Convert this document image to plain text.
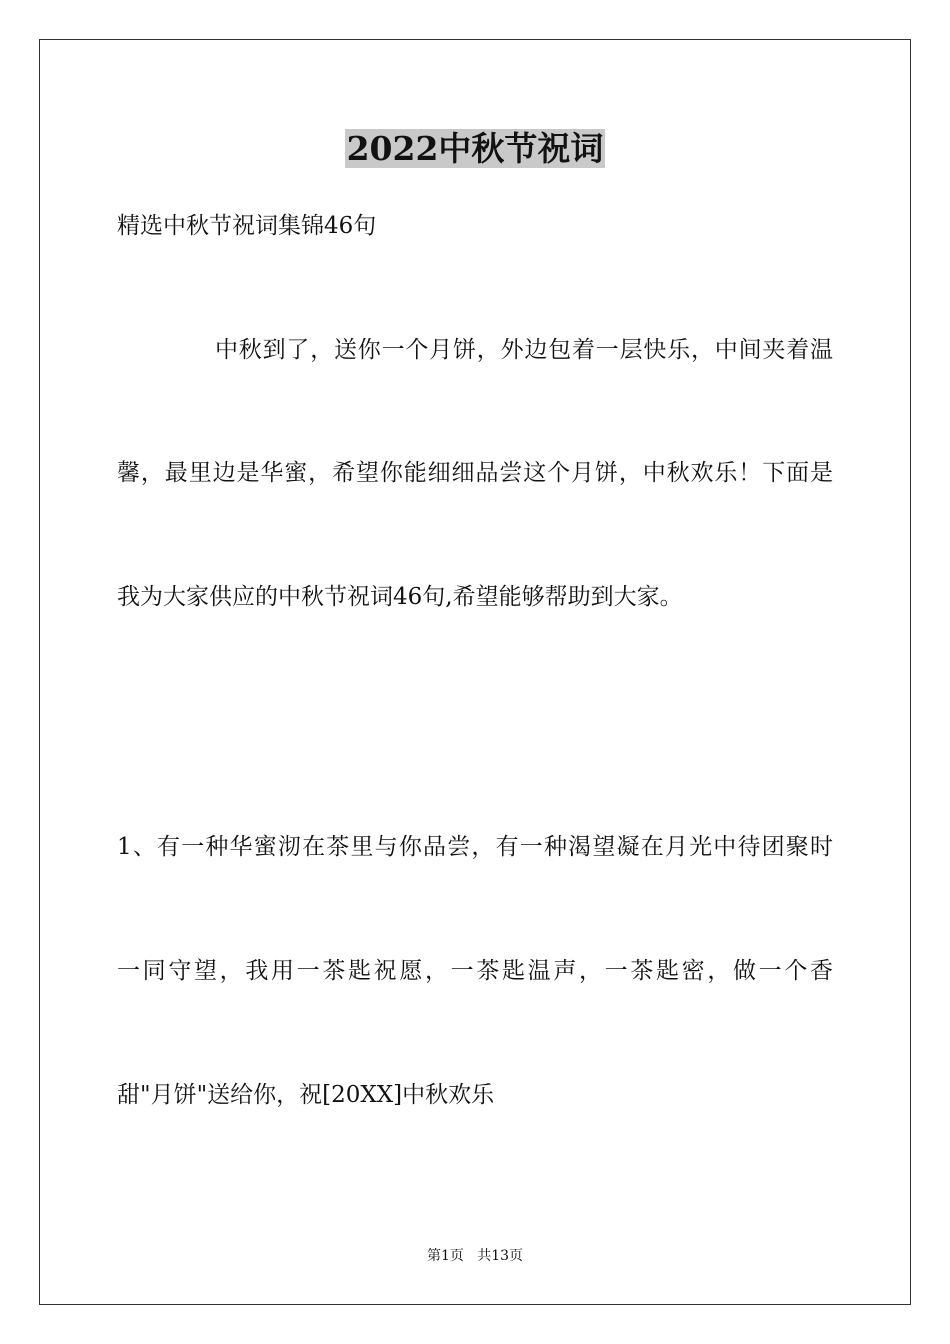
2022中秋节祝词
精选中秋节祝词集锦46句
中秋到了，送你一个月饼，外边包着一层快乐，中间夹着温
馨，最里边是华蜜，希望你能细细品尝这个月饼，中秋欢乐！下面是
我为大家供应的中秋节祝词46句,希望能够帮助到大家。
1、有一种华蜜沏在茶里与你品尝，有一种渴望凝在月光中待团聚时
一同守望，我用一茶匙祝愿，一茶匙温声，一茶匙密，做一个香
甜"月饼"送给你，祝[20XX]中秋欢乐
第1页   共13页
